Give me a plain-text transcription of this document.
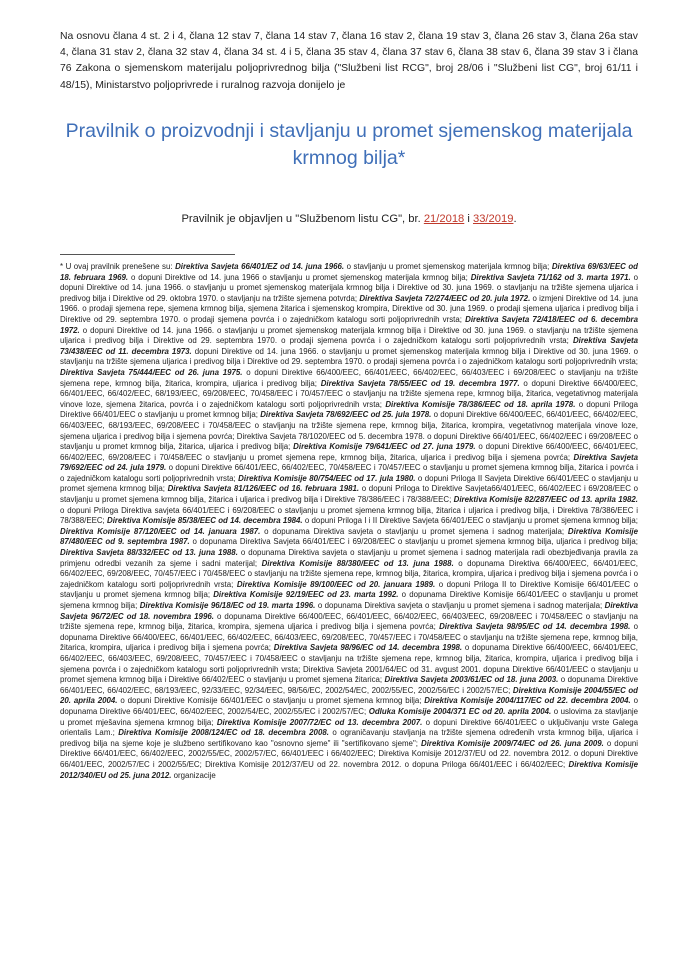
Na osnovu člana 4 st. 2 i 4, člana 12 stav 7, člana 14 stav 7, člana 16 stav 2, člana 19 stav 3, člana 26 stav 3, člana 26a stav 4, člana 31 stav 2, člana 32 stav 4, člana 34 st. 4 i 5, člana 35 stav 4, člana 37 stav 6, člana 38 stav 6, člana 39 stav 3 i člana 76 Zakona o sjemenskom materijalu poljoprivrednog bilja ("Službeni list RCG", broj 28/06 i "Službeni list CG", broj 61/11 i 48/15), Ministarstvo poljoprivrede i ruralnog razvoja donijelo je

Pravilnik o proizvodnji i stavljanju u promet sjemenskog materijala krmnog bilja*

Pravilnik je objavljen u "Službenom listu CG", br. 21/2018 i 33/2019.

* U ovaj pravilnik prenešene su: Direktiva Savjeta 66/401/EZ od 14. juna 1966. o stavljanju u promet sjemenskog materijala krmnog bilja; Direktiva 69/63/EEC od 18. februara 1969. o dopuni Direktive od 14. juna 1966 o stavljanju u promet sjemenskog materijala krmnog bilja; Direktiva Savjeta 71/162 od 3. marta 1971. o dopuni Direktive od 14. juna 1966. o stavljanju u promet sjemenskog materijala krmnog bilja i Direktive od 30. juna 1969. o stavljanju na tržište sjemena uljarica i predivog bilja i Direktive od 29. oktobra 1970. o stavljanju na tržište sjemena potvrda; Direktiva Savjeta 72/274/EEC od 20. jula 1972. o izmjeni Direktive od 14. juna 1966. o prodaji sjemena repe, sjemena krmnog bilja, sjemena žitarica i sjemenskog krompira, Direktive od 30. juna 1969. o prodaji sjemena uljarica i predivog bilja i Direktive od 29. septembra 1970. o prodaji sjemena povrća i o zajedničkom katalogu sorti poljoprivrednih vrsta; Direktiva Savjeta 72/418/EEC od 6. decembra 1972. o dopuni Direktive od 14. juna 1966. o stavljanju u promet sjemenskog materijala krmnog bilja i Direktive od 30. juna 1969. o stavljanju na tržište sjemena uljarica i predivog bilja i Direktive od 29. septembra 1970. o prodaji sjemena povrća i o zajedničkom katalogu sorti poljoprivrednih vrsta; Direktiva Savjeta 73/438/EEC od 11. decembra 1973. dopuni Direktive od 14. juna 1966. o stavljanju u promet sjemenskog materijala krmnog bilja i Direktive od 30. juna 1969. o stavljanju na tržište sjemena uljarica i predivog bilja i Direktive od 29. septembra 1970. o prodaji sjemena povrća i o zajedničkom katalogu sorti poljoprivrednih vrsta; Direktiva Savjeta 75/444/EEC od 26. juna 1975. o dopuni Direktive 66/400/EEC, 66/401/EEC, 66/402/EEC, 66/403/EEC i 69/208/EEC o stavljanju na tržište sjemena repe, krmnog bilja, žitarica, krompira, uljarica i predivog bilja; Direktiva Savjeta 78/55/EEC od 19. decembra 1977. o dopuni Direktive 66/400/EEC, 66/401/EEC, 66/402/EEC, 68/193/EEC, 69/208/EEC, 70/458/EEC i 70/457/EEC o stavljanju na tržište sjemena repe, krmnog bilja, žitarica, vegetativnog materijala vinove loze, sjemena žitarica, povrća i o zajedničkom katalogu sorti poljoprivrednih vrsta; Direktiva Komisije 78/386/EEC od 18. aprila 1978. o dopuni Priloga Direktive 66/401/EEC o stavljanju u promet krmnog bilja; Direktiva Savjeta 78/692/EEC od 25. jula 1978. o dopuni Direktive 66/400/EEC, 66/401/EEC, 66/402/EEC, 66/403/EEC, 68/193/EEC, 69/208/EEC i 70/458/EEC o stavljanju na tržište sjemena repe, krmnog bilja, žitarica, krompira, vegetativnog materijala vinove loze, sjemena uljarica i predivog bilja i sjemena povrća; Direktiva Savjeta 78/1020/EEC od 5. decembra 1978. o dopuni Direktive 66/401/EEC, 66/402/EEC i 69/208/EEC o stavljanju u promet krmnog bilja, žitarica, uljarica i predivog bilja; Direktiva Komisije 79/641/EEC od 27. juna 1979. o dopuni Direktive 66/400/EEC, 66/401/EEC, 66/402/EEC, 69/208/EEC i 70/458/EEC o stavljanju u promet sjemena repe, krmnog bilja, žitarica, uljarica i predivog bilja i sjemena povrća; Direktiva Savjeta 79/692/EEC od 24. jula 1979. o dopuni Direktive 66/401/EEC, 66/402/EEC, 70/458/EEC i 70/457/EEC o stavljanju u promet sjemena krmnog bilja, žitarica i povrća i o zajedničkom katalogu sorti poljoprivrednih vrsta; Direktiva Komisije 80/754/EEC od 17. jula 1980. o dopuni Priloga II Savjeta Direktive 66/401/EEC o stavljanju u promet sjemena krmnog bilja; Direktiva Savjeta 81/126/EEC od 16. februara 1981. o dopuni Priloga to Direktive Savjeta66/401/EEC, 66/402/EEC i 69/208/EEC o stavljanju u promet sjemena krmnog bilja, žitarica i uljarica i predivog bilja i Direktive 78/386/EEC i 78/388/EEC; Direktiva Komisije 82/287/EEC od 13. aprila 1982. o dopuni Priloga Direktiva savjeta 66/401/EEC i 69/208/EEC o stavljanju u promet sjemena krmnog bilja, žitarica i uljarica i predivog bilja, i Direktiva 78/386/EEC i 78/388/EEC; Direktiva Komisije 85/38/EEC od 14. decembra 1984. o dopuni Priloga I i II Direktive Savjeta 66/401/EEC o stavljanju u promet sjemena krmnog bilja; Direktiva Komisije 87/120/EEC od 14. januara 1987. o dopunama Direktiva savjeta o stavljanju u promet sjemena i sadnog materijala; Direktiva Komisije 87/480/EEC od 9. septembra 1987. o dopunama Direktiva Savjeta 66/401/EEC i 69/208/EEC o stavljanju u promet sjemena krmnog bilja, uljarica i predivog bilja; Direktiva Savjeta 88/332/EEC od 13. juna 1988. o dopunama Direktiva savjeta o stavljanju u promet sjemena i sadnog materijala radi obezbjeđivanja pravila za primjenu odredbi vezanih za sjeme i sadni materijal; Direktiva Komisije 88/380/EEC od 13. juna 1988. o dopunama Direktiva 66/400/EEC, 66/401/EEC, 66/402/EEC, 69/208/EEC, 70/457/EEC i 70/458/EEC o stavljanju na tržište sjemena repe, krmnog bilja, žitarica, krompira, uljarica i predivog bilja i sjemena povrća i o zajedničkom katalogu sorti poljoprivrednih vrsta; Direktiva Komisije 89/100/EEC od 20. januara 1989. o dopuni Priloga II to Direktive Komisije 66/401/EEC o stavljanju u promet sjemena krmnog bilja; Direktiva Komisije 92/19/EEC od 23. marta 1992. o dopunama Direktive Komisije 66/401/EEC o stavljanju u promet sjemena krmnog bilja; Direktiva Komisije 96/18/EC od 19. marta 1996. o dopunama Direktiva savjeta o stavljanju u promet sjemena i sadnog materijala; Direktiva Savjeta 96/72/EC od 18. novembra 1996. o dopunama Direktive 66/400/EEC, 66/401/EEC, 66/402/EEC, 66/403/EEC, 69/208/EEC i 70/458/EEC o stavljanju na tržište sjemena repe, krmnog bilja, žitarica, krompira, sjemena uljarica i predivog bilja i sjemena povrća; Direktiva Savjeta 98/95/EC od 14. decembra 1998. o dopunama Direktive 66/400/EEC, 66/401/EEC, 66/402/EEC, 66/403/EEC, 69/208/EEC, 70/457/EEC i 70/458/EEC o stavljanju na tržište sjemena repe, krmnog bilja, žitarica, krompira, uljarica i predivog bilja i sjemena povrća; Direktiva Savjeta 98/96/EC od 14. decembra 1998. o dopunama Direktive 66/400/EEC, 66/401/EEC, 66/402/EEC, 66/403/EEC, 69/208/EEC, 70/457/EEC i 70/458/EEC o stavljanju na tržište sjemena repe, krmnog bilja, žitarica, krompira, uljarica i predivog bilja i sjemena povrća i o zajedničkom katalogu sorti poljoprivrednih vrsta; Direktiva Savjeta 2001/64/EC od 31. avgust 2001. dopuna Direktive 66/401/EEC o stavljanju u promet sjemena krmnog bilja i Direktive 66/402/EEC o stavljanju u promet sjemena žitarica; Direktiva Savjeta 2003/61/EC od 18. juna 2003. o dopunama Direktive 66/401/EEC, 66/402/EEC, 68/193/EEC, 92/33/EEC, 92/34/EEC, 98/56/EC, 2002/54/EC, 2002/55/EC, 2002/56/EC i 2002/57/EC; Direktiva Komisije 2004/55/EC od 20. aprila 2004. o dopuni Direktive Komisije 66/401/EEC o stavljanju u promet sjemena krmnog bilja; Direktiva Komisije 2004/117/EC od 22. decembra 2004. o dopunama Direktive 66/401/EEC, 66/402/EEC, 2002/54/EC, 2002/55/EC i 2002/57/EC; Odluka Komisije 2004/371 EC od 20. aprila 2004. o uslovima za stavljanje u promet mješavina sjemena krmnog bilja; Direktiva Komisije 2007/72/EC od 13. decembra 2007. o dopuni Direktive 66/401/EEC o uključivanju vrste Galega orientalis Lam.; Direktiva Komisije 2008/124/EC od 18. decembra 2008. o ograničavanju stavljanja na tržište sjemena određenih vrsta krmnog bilja, uljarica i predivog bilja na sjeme koje je službeno sertifikovano kao "osnovno sjeme" ili "sertifikovano sjeme"; Direktiva Komisije 2009/74/EC od 26. juna 2009. o dopuni Direktive 66/401/EEC, 66/402/EEC, 2002/55/EC, 2002/57/EC, 66/401/EEC i 66/402/EEC; Direktiva Komisije 2012/37/EU od 22. novembra 2012. o dopuni Direktive 66/401/EEC, 2002/57/EC i 2002/55/EC; Direktiva Komisije 2012/37/EU od 22. novembra 2012. o dopuna Priloga 66/401/EEC i 66/402/EEC; Direktiva Komisije 2012/340/EU od 25. juna 2012. organizacije
